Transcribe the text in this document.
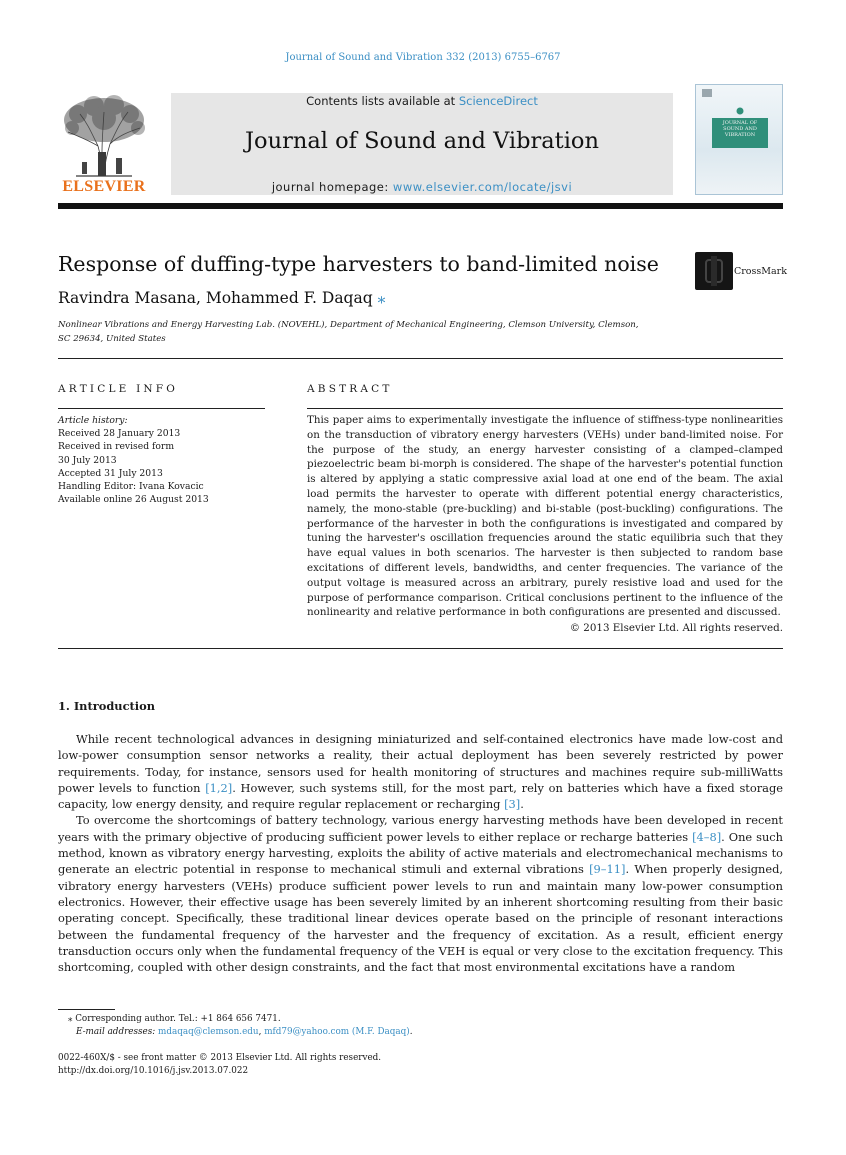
Journal of Sound and Vibration 332 (2013) 6755–6767
ELSEVIER
Contents lists available at ScienceDirect
Journal of Sound and Vibration
journal homepage: www.elsevier.com/locate/jsvi
JOURNAL OF SOUND AND VIBRATION
Response of duffing-type harvesters to band-limited noise	CrossMark
Ravindra Masana, Mohammed F. Daqaq ⁎
Nonlinear Vibrations and Energy Harvesting Lab. (NOVEHL), Department of Mechanical Engineering, Clemson University, Clemson,
SC 29634, United States
ARTICLE INFO	ABSTRACT
Article history:
Received 28 January 2013
Received in revised form
30 July 2013
Accepted 31 July 2013
Handling Editor: Ivana Kovacic
Available online 26 August 2013
This paper aims to experimentally investigate the influence of stiffness-type nonlinearities on the transduction of vibratory energy harvesters (VEHs) under band-limited noise. For the purpose of the study, an energy harvester consisting of a clamped–clamped piezoelectric beam bi-morph is considered. The shape of the harvester's potential function is altered by applying a static compressive axial load at one end of the beam. The axial load permits the harvester to operate with different potential energy characteristics, namely, the mono-stable (pre-buckling) and bi-stable (post-buckling) configurations. The performance of the harvester in both the configurations is investigated and compared by tuning the harvester's oscillation frequencies around the static equilibria such that they have equal values in both scenarios. The harvester is then subjected to random base excitations of different levels, bandwidths, and center frequencies. The variance of the output voltage is measured across an arbitrary, purely resistive load and used for the purpose of performance comparison. Critical conclusions pertinent to the influence of the nonlinearity and relative performance in both configurations are presented and discussed.
© 2013 Elsevier Ltd. All rights reserved.
1. Introduction

While recent technological advances in designing miniaturized and self-contained electronics have made low-cost and low-power consumption sensor networks a reality, their actual deployment has been severely restricted by power requirements. Today, for instance, sensors used for health monitoring of structures and machines require sub-milliWatts power levels to function [1,2]. However, such systems still, for the most part, rely on batteries which have a fixed storage capacity, low energy density, and require regular replacement or recharging [3].

To overcome the shortcomings of battery technology, various energy harvesting methods have been developed in recent years with the primary objective of producing sufficient power levels to either replace or recharge batteries [4–8]. One such method, known as vibratory energy harvesting, exploits the ability of active materials and electromechanical mechanisms to generate an electric potential in response to mechanical stimuli and external vibrations [9–11]. When properly designed, vibratory energy harvesters (VEHs) produce sufficient power levels to run and maintain many low-power consumption electronics. However, their effective usage has been severely limited by an inherent shortcoming resulting from their basic operating concept. Specifically, these traditional linear devices operate based on the principle of resonant interactions between the fundamental frequency of the harvester and the frequency of excitation. As a result, efficient energy transduction occurs only when the fundamental frequency of the VEH is equal or very close to the excitation frequency. This shortcoming, coupled with other design constraints, and the fact that most environmental excitations have a random

⁎ Corresponding author. Tel.: +1 864 656 7471.
E-mail addresses: mdaqaq@clemson.edu, mfd79@yahoo.com (M.F. Daqaq).
0022-460X/$ - see front matter © 2013 Elsevier Ltd. All rights reserved.
http://dx.doi.org/10.1016/j.jsv.2013.07.022
